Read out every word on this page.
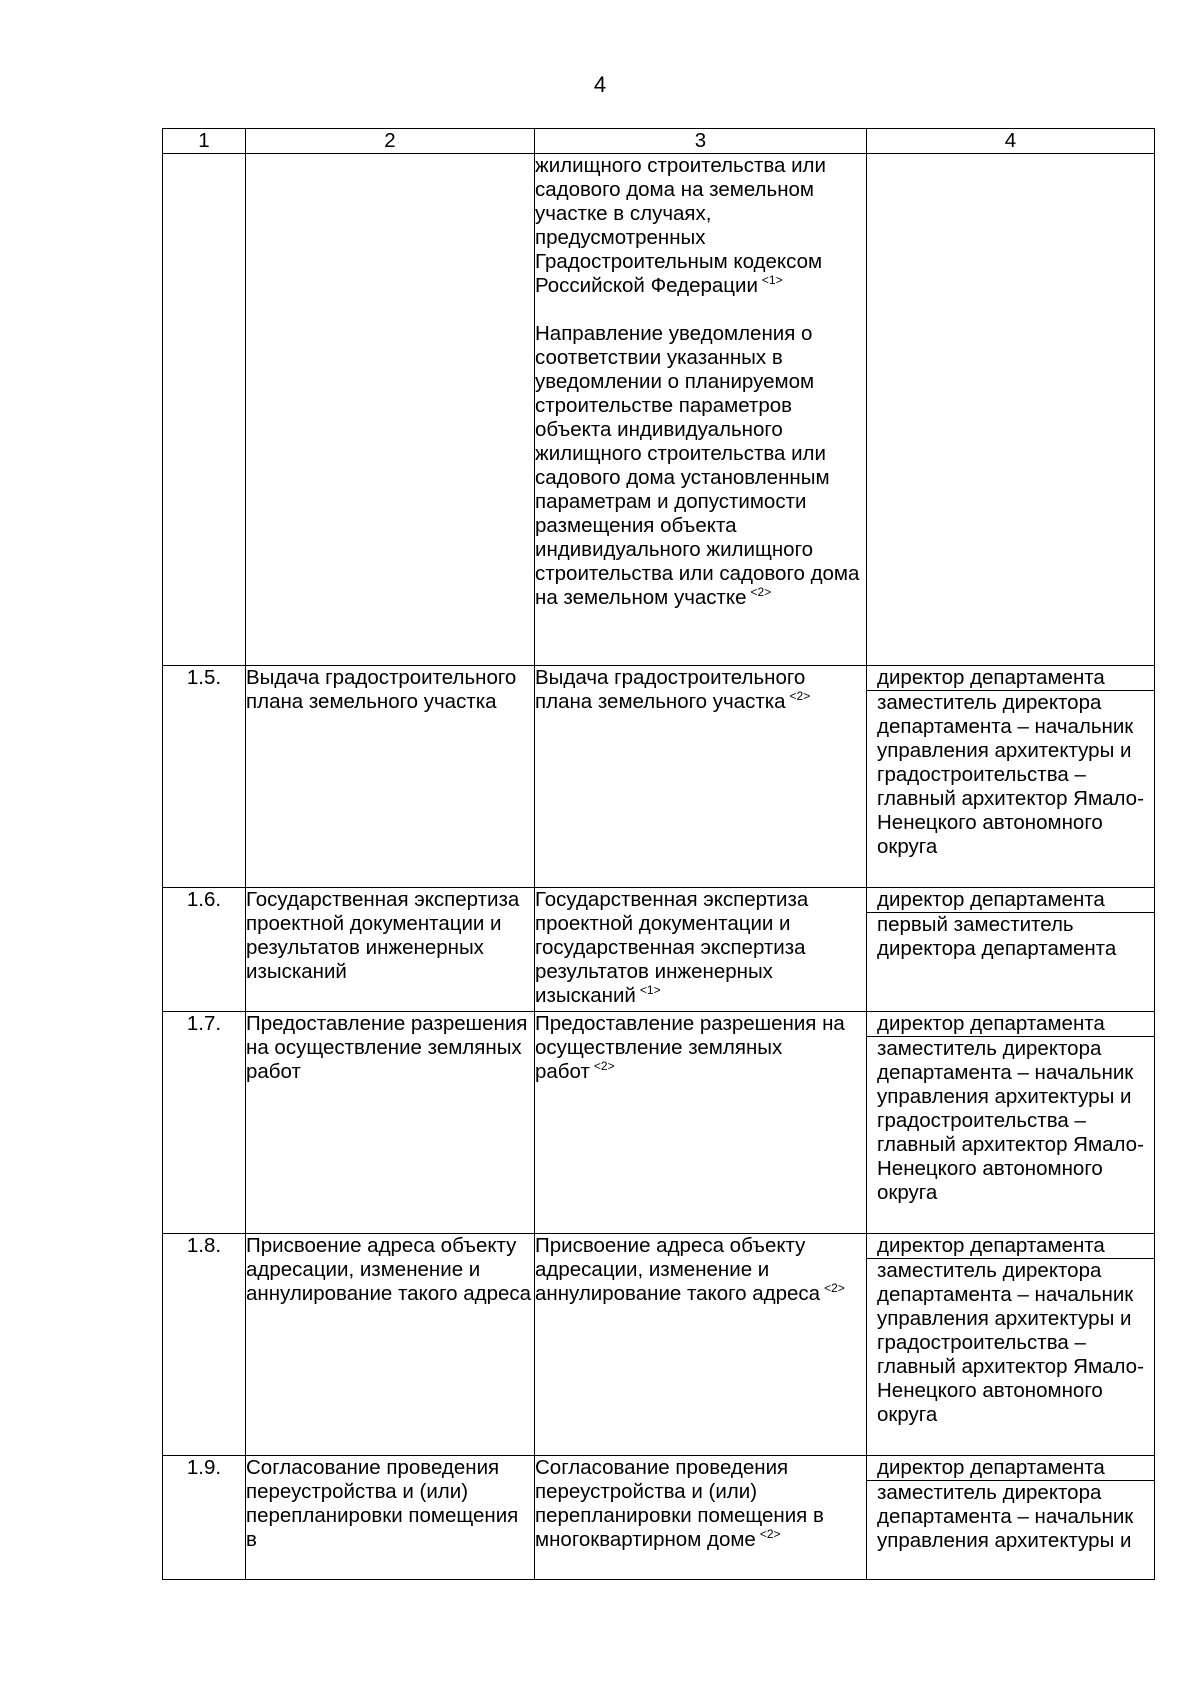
4
1	2	3	4

		жилищного строительства или садового дома на земельном участке в случаях, предусмотренных Градостроительным кодексом Российской Федерации $^{<1>}$
Направление уведомления о соответствии указанных в уведомлении о планируемом строительстве параметров объекта индивидуального жилищного строительства или садового дома установленным параметрам и допустимости размещения объекта индивидуального жилищного строительства или садового дома на земельном участке $^{<2>}$

1.5.	Выдача градостроительного плана земельного участка	Выдача градостроительного плана земельного участка $^{<2>}$	директор департамента
заместитель директора департамента – начальник управления архитектуры и градостроительства – главный архитектор Ямало-Ненецкого автономного округа

1.6.	Государственная экспертиза проектной документации и результатов инженерных изысканий	Государственная экспертиза проектной документации и государственная экспертиза результатов инженерных изысканий $^{<1>}$	директор департамента
первый заместитель директора департамента

1.7.	Предоставление разрешения на осуществление земляных работ	Предоставление разрешения на осуществление земляных работ $^{<2>}$	директор департамента
заместитель директора департамента – начальник управления архитектуры и градостроительства – главный архитектор Ямало-Ненецкого автономного округа

1.8.	Присвоение адреса объекту адресации, изменение и аннулирование такого адреса	Присвоение адреса объекту адресации, изменение и аннулирование такого адреса $^{<2>}$	директор департамента
заместитель директора департамента – начальник управления архитектуры и градостроительства – главный архитектор Ямало-Ненецкого автономного округа

1.9.	Согласование проведения переустройства и (или) перепланировки помещения в	Согласование проведения переустройства и (или) перепланировки помещения в многоквартирном доме $^{<2>}$	директор департамента
заместитель директора департамента – начальник управления архитектуры и
